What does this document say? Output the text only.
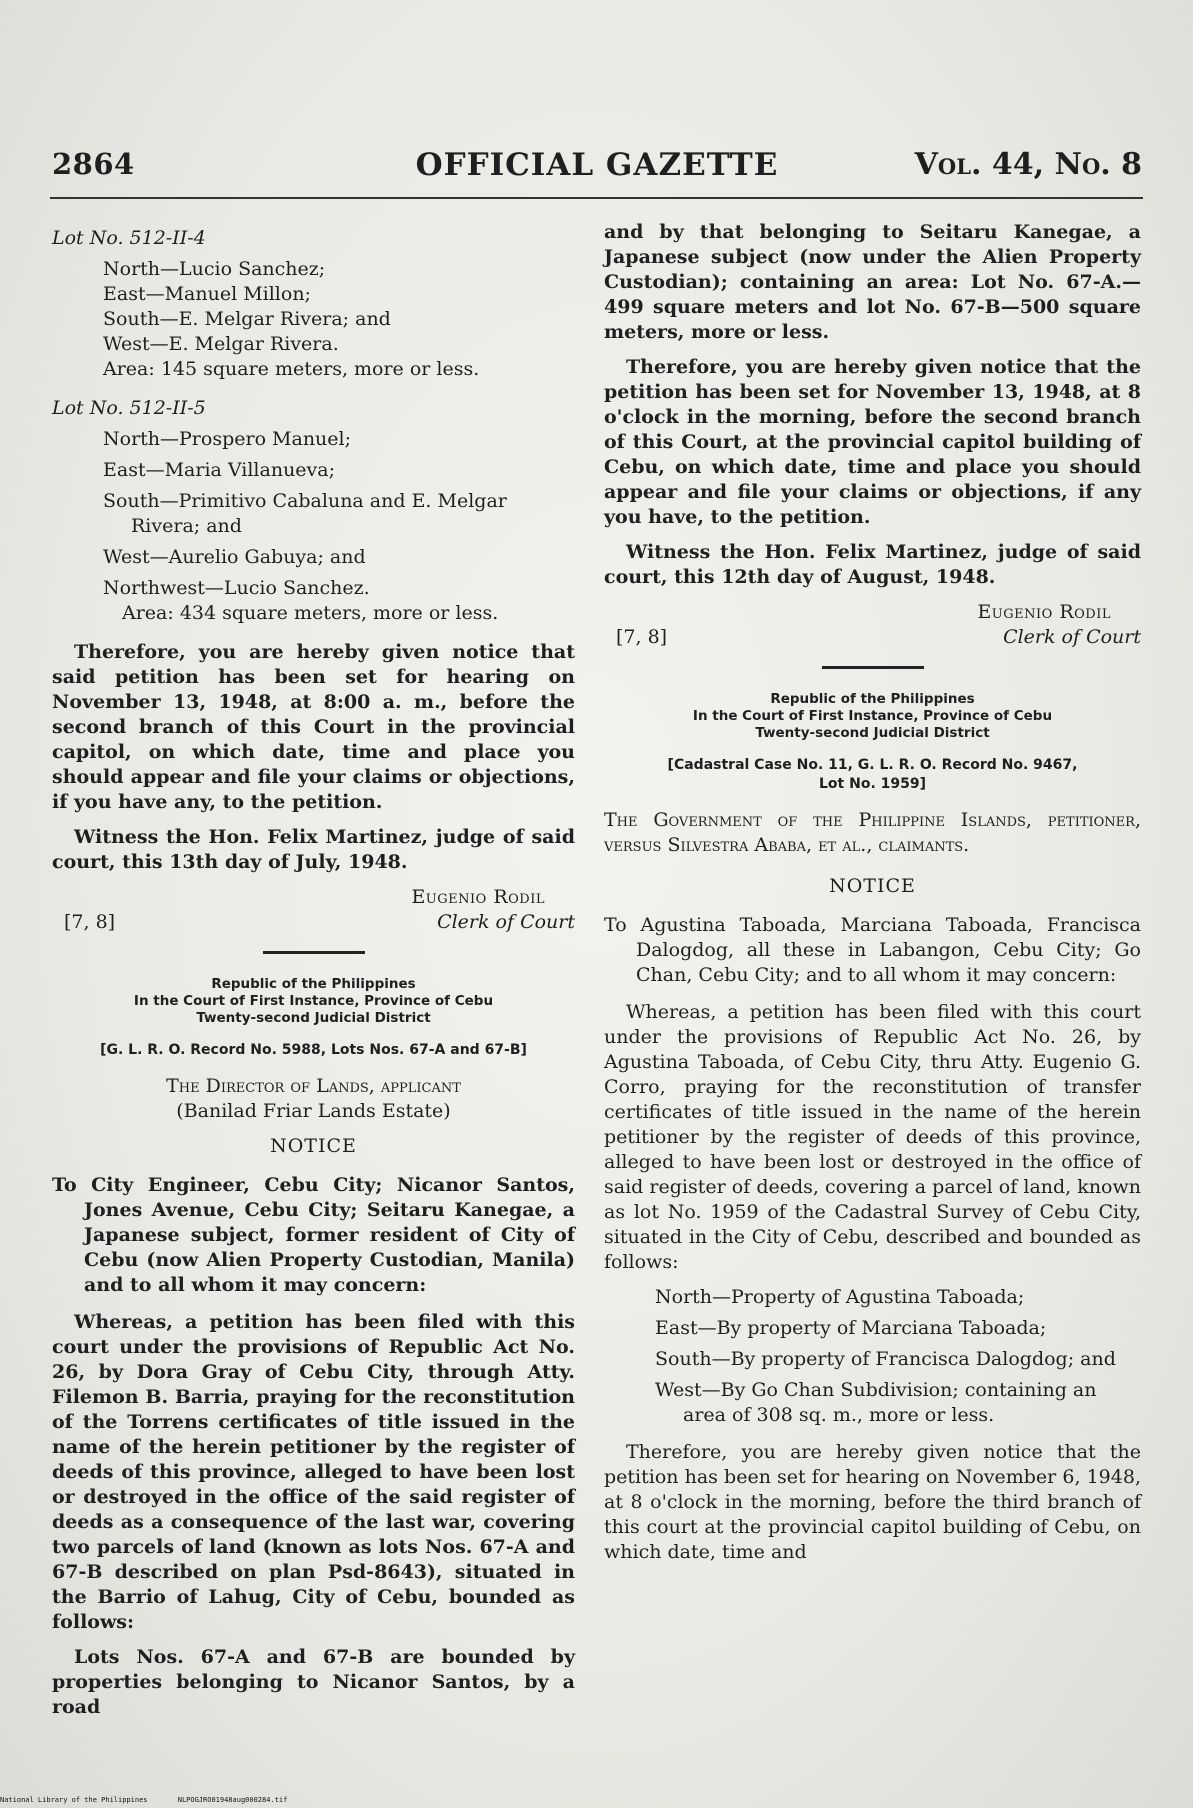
2864	OFFICIAL GAZETTE	Vol. 44, No. 8

Lot No. 512-II-4

North—Lucio Sanchez;

East—Manuel Millon;

South—E. Melgar Rivera; and

West—E. Melgar Rivera.

Area: 145 square meters, more or less.

Lot No. 512-II-5

North—Prospero Manuel;

East—Maria Villanueva;

South—Primitivo Cabaluna and E. Melgar Rivera; and

West—Aurelio Gabuya; and

Northwest—Lucio Sanchez.

Area: 434 square meters, more or less.

Therefore, you are hereby given notice that said petition has been set for hearing on November 13, 1948, at 8:00 a. m., before the second branch of this Court in the provincial capitol, on which date, time and place you should appear and file your claims or objections, if you have any, to the petition.

Witness the Hon. Felix Martinez, judge of said court, this 13th day of July, 1948.

Eugenio Rodil
[7, 8]	Clerk of Court
Republic of the Philippines
In the Court of First Instance, Province of Cebu
Twenty-second Judicial District
[G. L. R. O. Record No. 5988, Lots Nos. 67-A and 67-B]

The Director of Lands, applicant

(Banilad Friar Lands Estate)

NOTICE

To City Engineer, Cebu City; Nicanor Santos, Jones Avenue, Cebu City; Seitaru Kanegae, a Japanese subject, former resident of City of Cebu (now Alien Property Custodian, Manila) and to all whom it may concern:

Whereas, a petition has been filed with this court under the provisions of Republic Act No. 26, by Dora Gray of Cebu City, through Atty. Filemon B. Barria, praying for the reconstitution of the Torrens certificates of title issued in the name of the herein petitioner by the register of deeds of this province, alleged to have been lost or destroyed in the office of the said register of deeds as a consequence of the last war, covering two parcels of land (known as lots Nos. 67-A and 67-B described on plan Psd-8643), situated in the Barrio of Lahug, City of Cebu, bounded as follows:

Lots Nos. 67-A and 67-B are bounded by properties belonging to Nicanor Santos, by a road

and by that belonging to Seitaru Kanegae, a Japanese subject (now under the Alien Property Custodian); containing an area: Lot No. 67-A.—499 square meters and lot No. 67-B—500 square meters, more or less.

Therefore, you are hereby given notice that the petition has been set for November 13, 1948, at 8 o'clock in the morning, before the second branch of this Court, at the provincial capitol building of Cebu, on which date, time and place you should appear and file your claims or objections, if any you have, to the petition.

Witness the Hon. Felix Martinez, judge of said court, this 12th day of August, 1948.

Eugenio Rodil
[7, 8]	Clerk of Court
Republic of the Philippines
In the Court of First Instance, Province of Cebu
Twenty-second Judicial District
[Cadastral Case No. 11, G. L. R. O. Record No. 9467,
Lot No. 1959]

The Government of the Philippine Islands, petitioner, versus Silvestra Ababa, et al., claimants.

NOTICE

To Agustina Taboada, Marciana Taboada, Francisca Dalogdog, all these in Labangon, Cebu City; Go Chan, Cebu City; and to all whom it may concern:

Whereas, a petition has been filed with this court under the provisions of Republic Act No. 26, by Agustina Taboada, of Cebu City, thru Atty. Eugenio G. Corro, praying for the reconstitution of transfer certificates of title issued in the name of the herein petitioner by the register of deeds of this province, alleged to have been lost or destroyed in the office of said register of deeds, covering a parcel of land, known as lot No. 1959 of the Cadastral Survey of Cebu City, situated in the City of Cebu, described and bounded as follows:

North—Property of Agustina Taboada;

East—By property of Marciana Taboada;

South—By property of Francisca Dalogdog; and

West—By Go Chan Subdivision; containing an area of 308 sq. m., more or less.

Therefore, you are hereby given notice that the petition has been set for hearing on November 6, 1948, at 8 o'clock in the morning, before the third branch of this court at the provincial capitol building of Cebu, on which date, time and

National Library of the Philippines	NLPOGJRO01948aug000284.tif
